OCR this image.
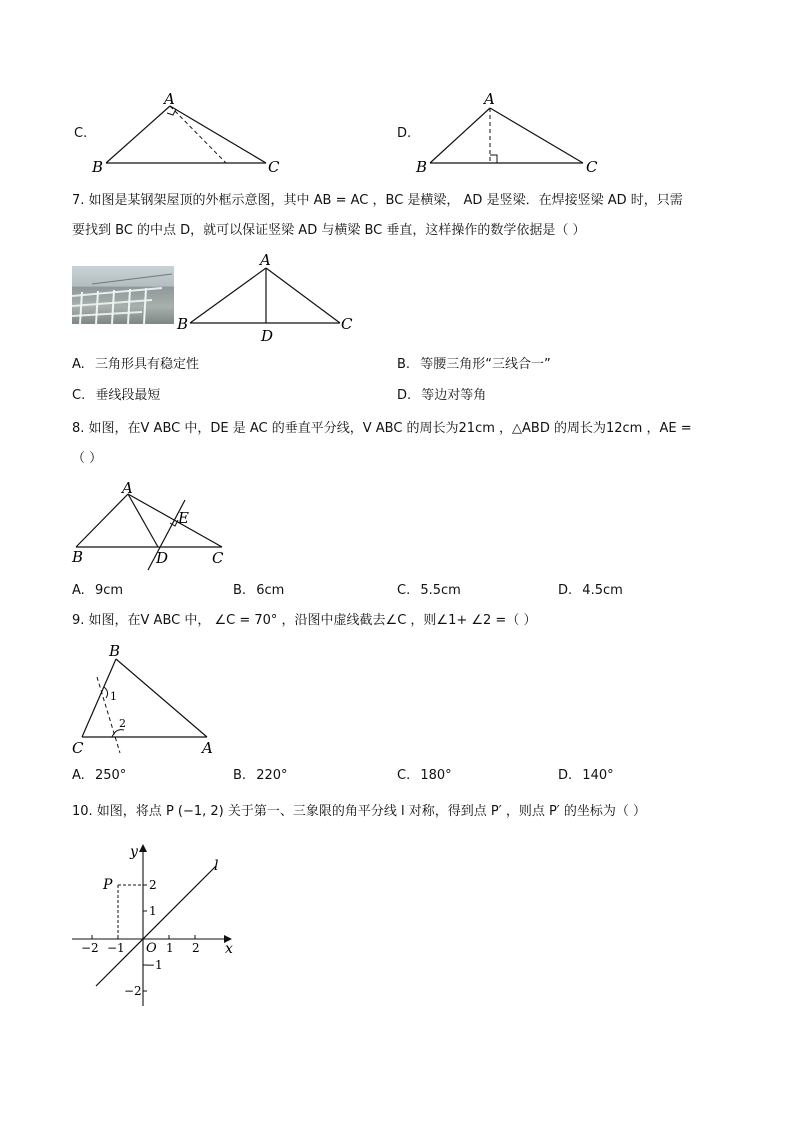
C.
A
B	C
D.
A
B	C
7. 如图是某钢架屋顶的外框示意图，其中 AB = AC ，BC 是横梁， AD 是竖梁．在焊接竖梁 AD 时，只需
要找到 BC 的中点 D，就可以保证竖梁 AD 与横梁 BC 垂直，这样操作的数学依据是（ ）
A
B	C
D
A. 三角形具有稳定性	B. 等腰三角形“三线合一”
C. 垂线段最短	D. 等边对等角
8. 如图，在V ABC 中，DE 是 AC 的垂直平分线，V ABC 的周长为21cm ，△ABD 的周长为12cm ，AE =
（ ）
A
B	C
D
E
A. 9cm	B. 6cm	C. 5.5cm	D. 4.5cm
9. 如图，在V ABC 中， ∠C = 70° ，沿图中虚线截去∠C ，则∠1+ ∠2 =（ ）
B
C	A
1
2
A. 250°	B. 220°	C. 180°	D. 140°
10. 如图，将点 P (−1, 2) 关于第一、三象限的角平分线 l 对称，得到点 P′ ，则点 P′ 的坐标为（ ）
y
x
l
P
O
2
1
−1
−2
−2 −1	1 2
